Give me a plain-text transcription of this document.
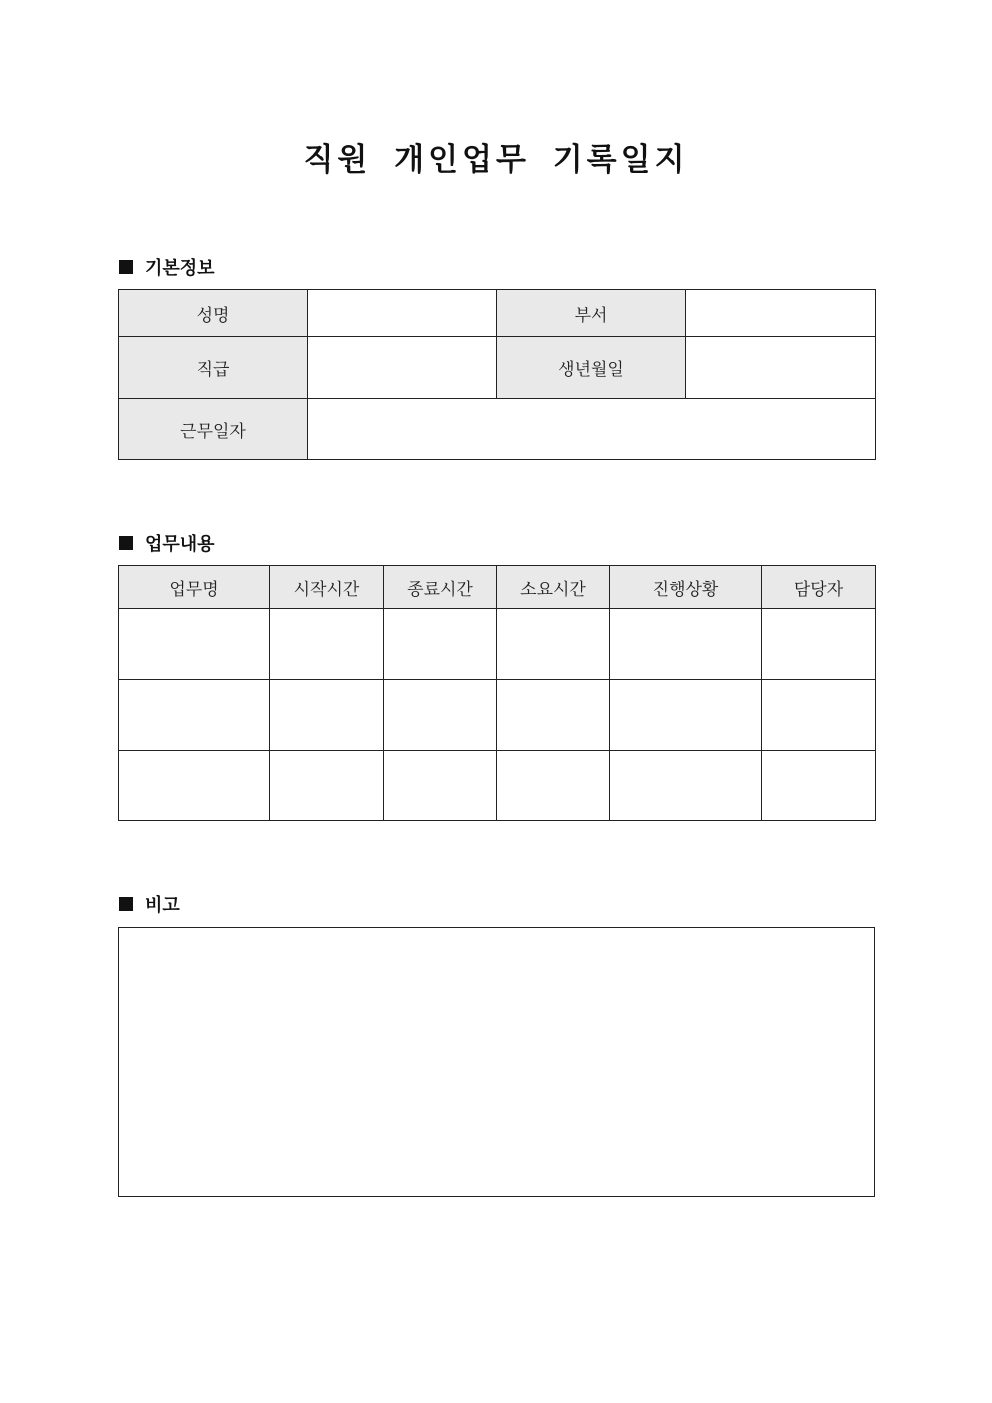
직원 개인업무 기록일지
기본정보
성명		부서	
직급		생년월일	
근무일자			
업무내용
업무명	시작시간	종료시간	소요시간	진행상황	담당자

비고
